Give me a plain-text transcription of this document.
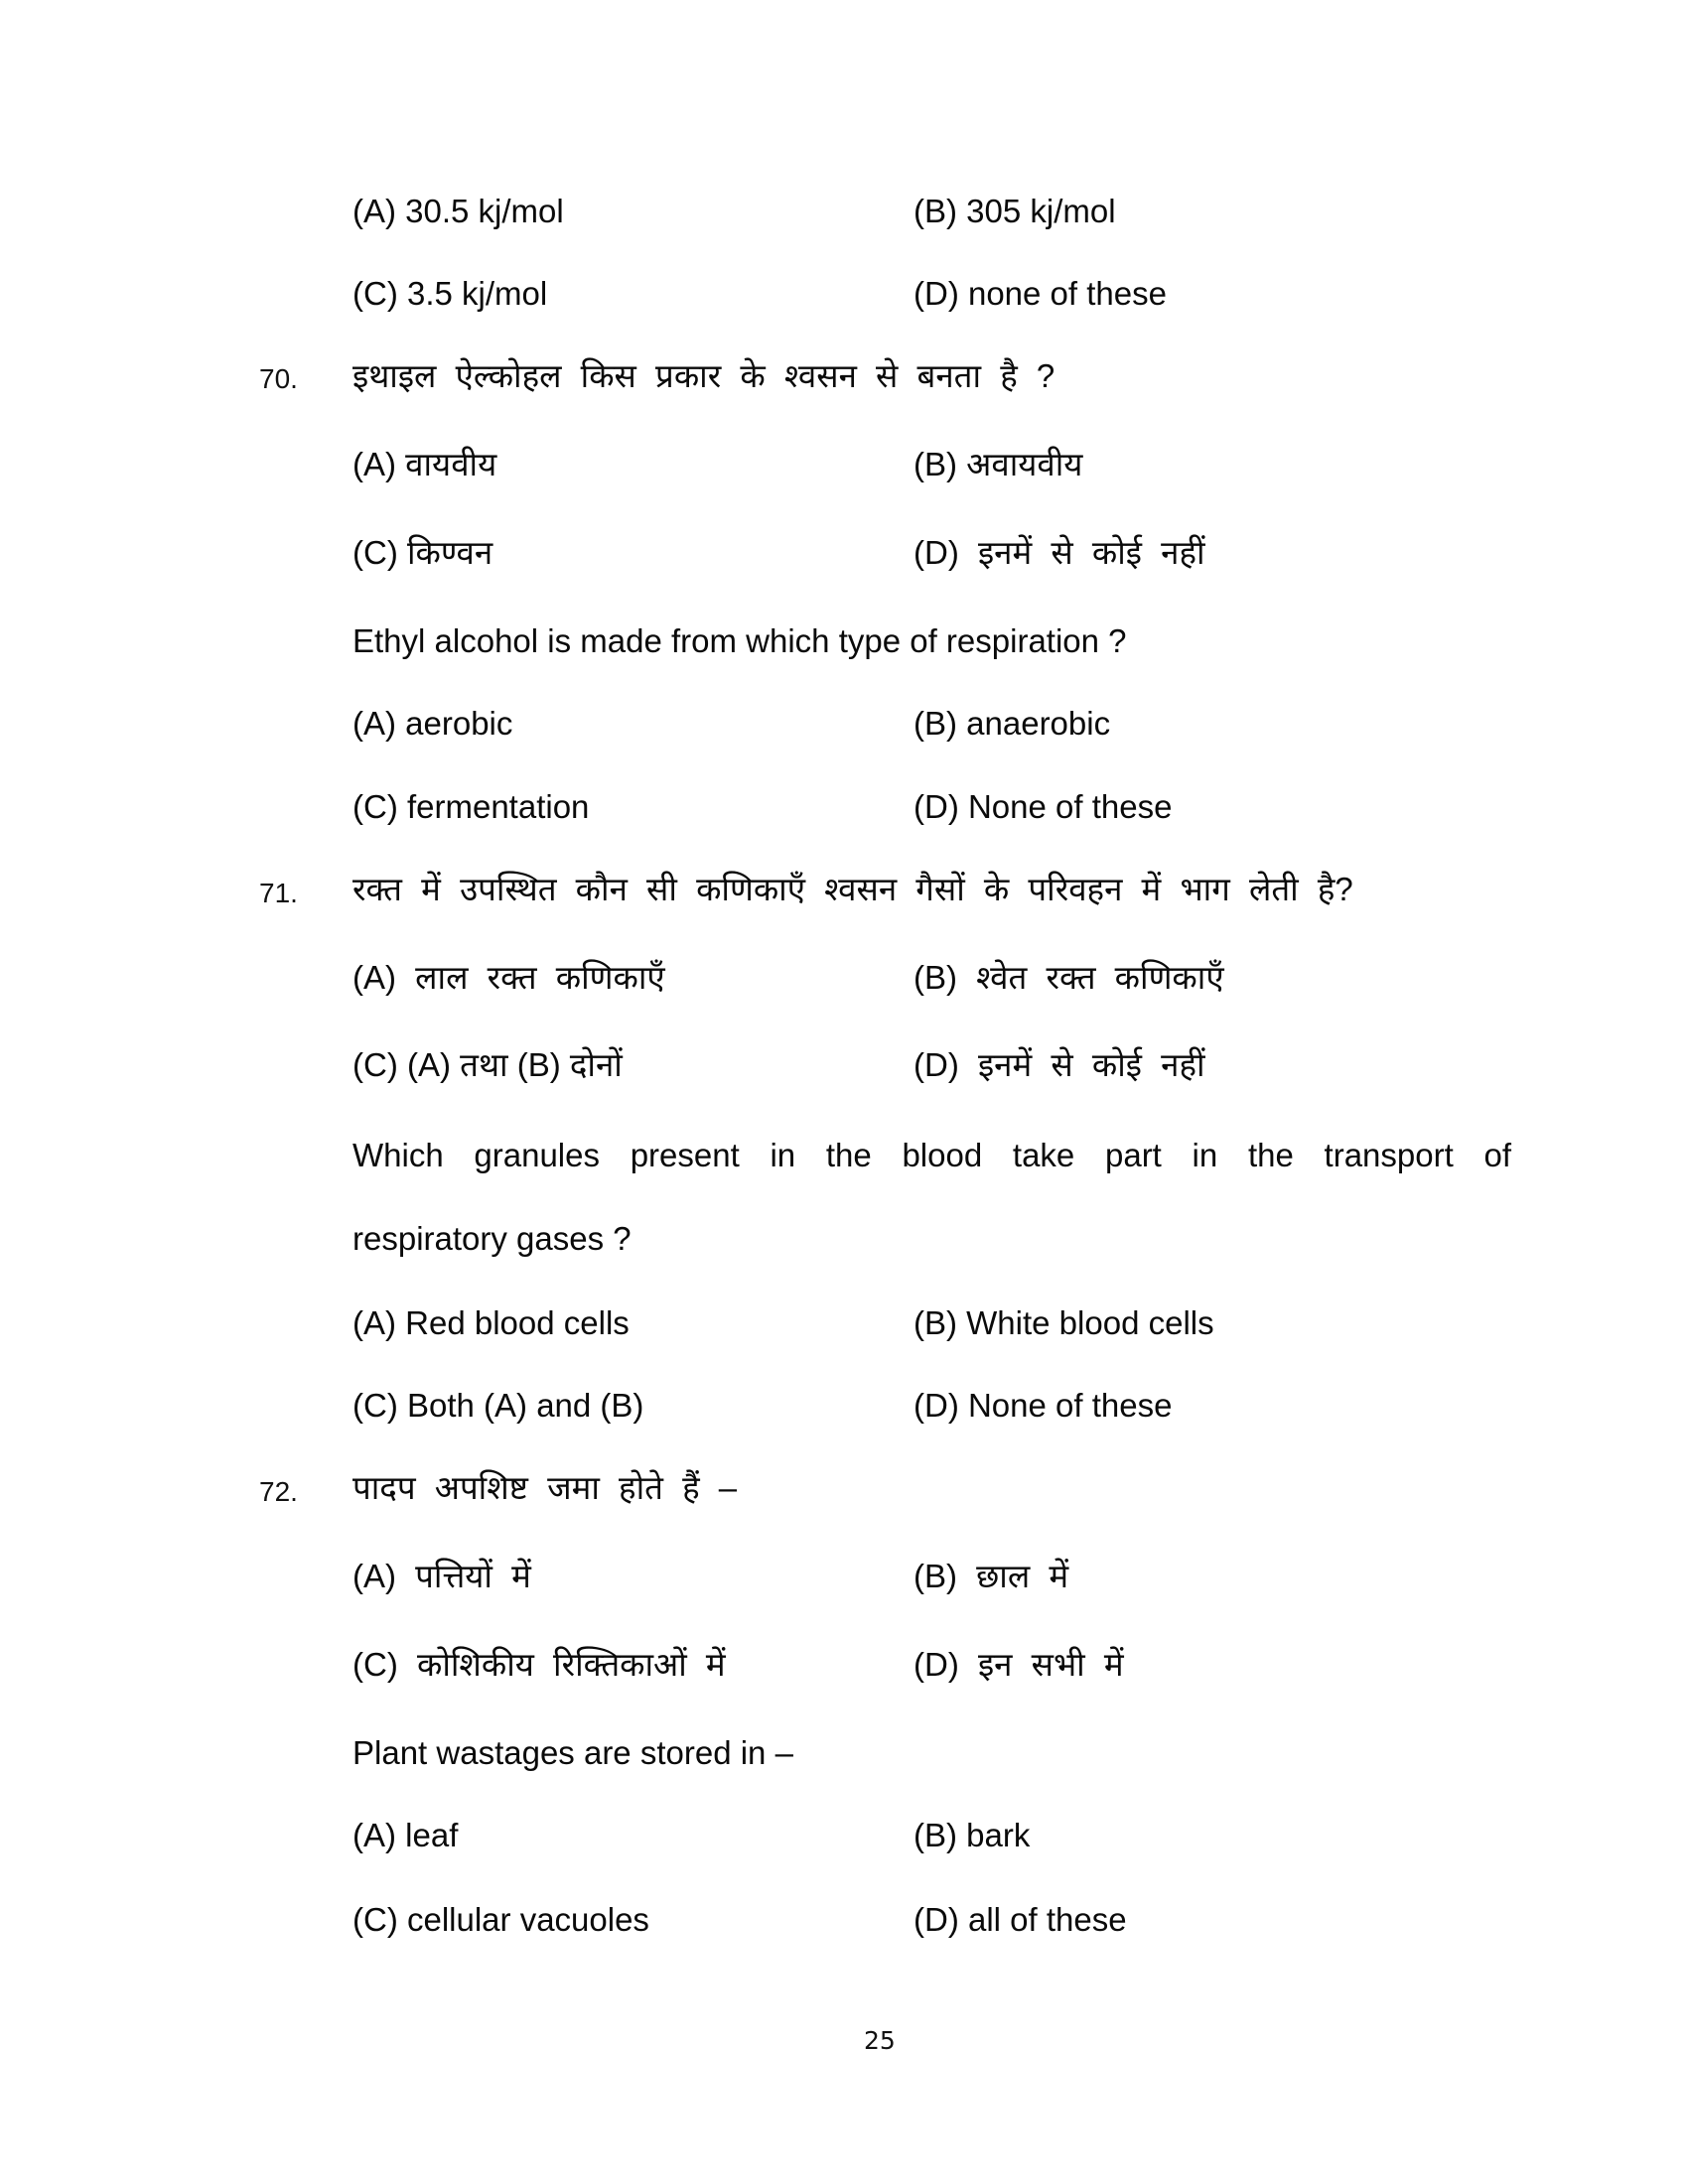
(A) 30.5 kj/mol	(B) 305 kj/mol
(C) 3.5 kj/mol	(D) none of these
70. इथाइल ऐल्कोहल किस प्रकार के श्वसन से बनता है ?
(A) वायवीय	(B) अवायवीय
(C) किण्वन	(D) इनमें से कोई नहीं
Ethyl alcohol is made from which type of respiration ?
(A) aerobic	(B) anaerobic
(C) fermentation	(D) None of these
71. रक्त में उपस्थित कौन सी कणिकाएँ श्वसन गैसों के परिवहन में भाग लेती है?
(A) लाल रक्त कणिकाएँ	(B) श्वेत रक्त कणिकाएँ
(C) (A) तथा (B) दोनों	(D) इनमें से कोई नहीं
Which granules present in the blood take part in the transport of
respiratory gases ?
(A) Red blood cells	(B) White blood cells
(C) Both (A) and (B)	(D) None of these
72. पादप अपशिष्ट जमा होते हैं –
(A) पत्तियों में	(B) छाल में
(C) कोशिकीय रिक्तिकाओं में	(D) इन सभी में
Plant wastages are stored in –
(A) leaf	(B) bark
(C) cellular vacuoles	(D) all of these
25
